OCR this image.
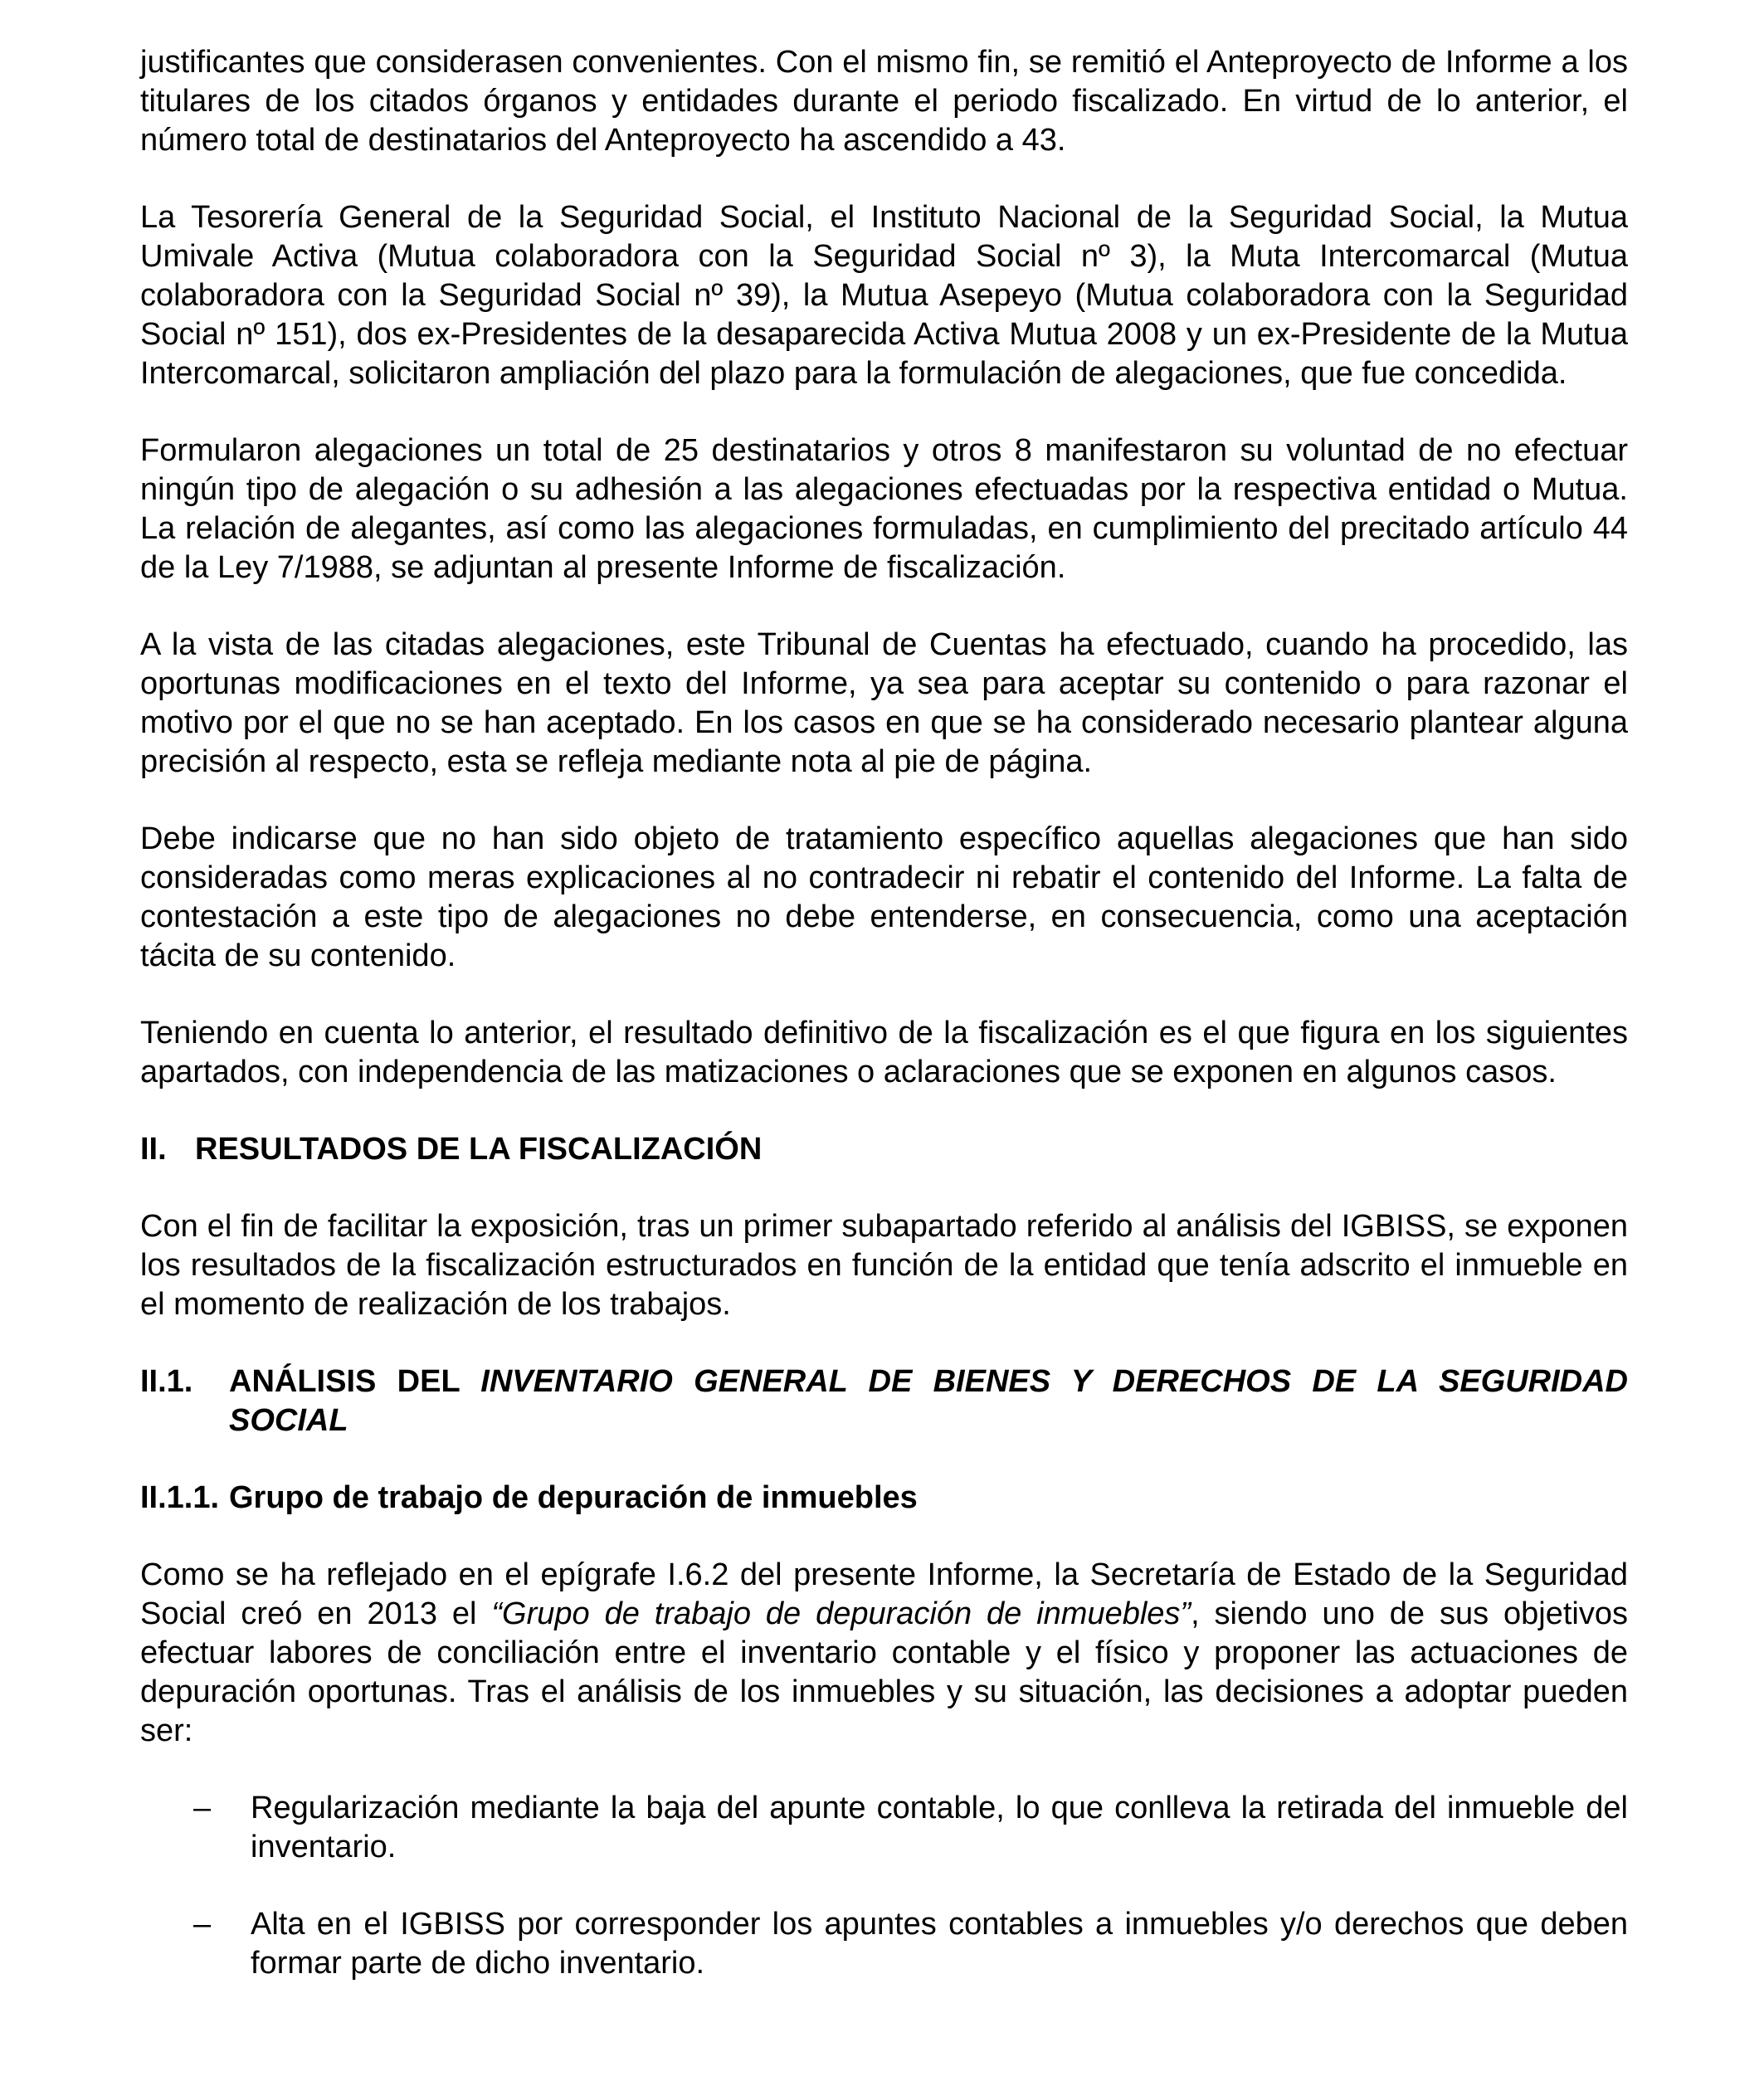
justificantes que considerasen convenientes. Con el mismo fin, se remitió el Anteproyecto de Informe a los titulares de los citados órganos y entidades durante el periodo fiscalizado. En virtud de lo anterior, el número total de destinatarios del Anteproyecto ha ascendido a 43.

La Tesorería General de la Seguridad Social, el Instituto Nacional de la Seguridad Social, la Mutua Umivale Activa (Mutua colaboradora con la Seguridad Social nº 3), la Muta Intercomarcal (Mutua colaboradora con la Seguridad Social nº 39), la Mutua Asepeyo (Mutua colaboradora con la Seguridad Social nº 151), dos ex-Presidentes de la desaparecida Activa Mutua 2008 y un ex-Presidente de la Mutua Intercomarcal, solicitaron ampliación del plazo para la formulación de alegaciones, que fue concedida.

Formularon alegaciones un total de 25 destinatarios y otros 8 manifestaron su voluntad de no efectuar ningún tipo de alegación o su adhesión a las alegaciones efectuadas por la respectiva entidad o Mutua. La relación de alegantes, así como las alegaciones formuladas, en cumplimiento del precitado artículo 44 de la Ley 7/1988, se adjuntan al presente Informe de fiscalización.

A la vista de las citadas alegaciones, este Tribunal de Cuentas ha efectuado, cuando ha procedido, las oportunas modificaciones en el texto del Informe, ya sea para aceptar su contenido o para razonar el motivo por el que no se han aceptado. En los casos en que se ha considerado necesario plantear alguna precisión al respecto, esta se refleja mediante nota al pie de página.

Debe indicarse que no han sido objeto de tratamiento específico aquellas alegaciones que han sido consideradas como meras explicaciones al no contradecir ni rebatir el contenido del Informe. La falta de contestación a este tipo de alegaciones no debe entenderse, en consecuencia, como una aceptación tácita de su contenido.

Teniendo en cuenta lo anterior, el resultado definitivo de la fiscalización es el que figura en los siguientes apartados, con independencia de las matizaciones o aclaraciones que se exponen en algunos casos.

II. RESULTADOS DE LA FISCALIZACIÓN

Con el fin de facilitar la exposición, tras un primer subapartado referido al análisis del IGBISS, se exponen los resultados de la fiscalización estructurados en función de la entidad que tenía adscrito el inmueble en el momento de realización de los trabajos.

II.1.	ANÁLISIS DEL INVENTARIO GENERAL DE BIENES Y DERECHOS DE LA SEGURIDAD SOCIAL
II.1.1. Grupo de trabajo de depuración de inmuebles

Como se ha reflejado en el epígrafe I.6.2 del presente Informe, la Secretaría de Estado de la Seguridad Social creó en 2013 el “Grupo de trabajo de depuración de inmuebles”, siendo uno de sus objetivos efectuar labores de conciliación entre el inventario contable y el físico y proponer las actuaciones de depuración oportunas. Tras el análisis de los inmuebles y su situación, las decisiones a adoptar pueden ser:

–	Regularización mediante la baja del apunte contable, lo que conlleva la retirada del inmueble del inventario.
–	Alta en el IGBISS por corresponder los apuntes contables a inmuebles y/o derechos que deben formar parte de dicho inventario.
